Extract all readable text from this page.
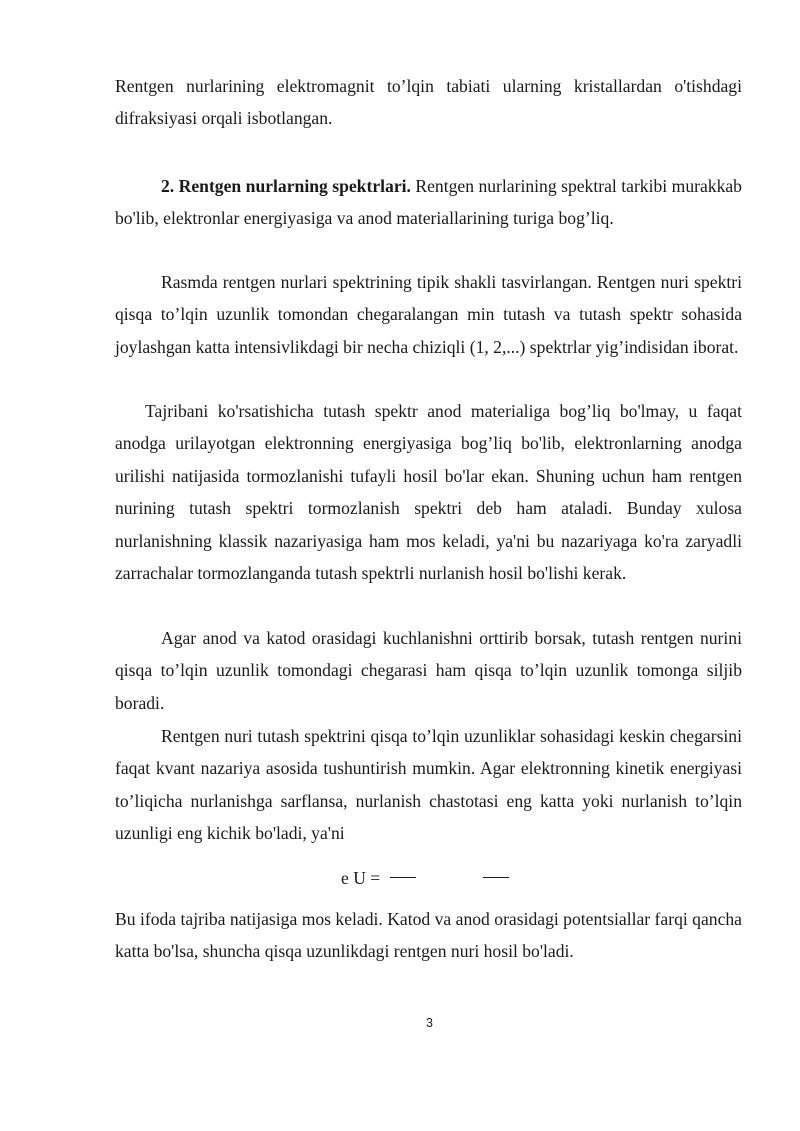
Rentgen nurlarining elektromagnit to’lqin tabiati ularning kristallardan o'tishdagi difraksiyasi orqali isbotlangan.

2. Rentgen nurlarning spektrlari. Rentgen nurlarining spektral tarkibi murakkab bo'lib, elektronlar energiyasiga va anod materiallarining turiga bog’liq.

Rasmda rentgen nurlari spektrining tipik shakli tasvirlangan. Rentgen nuri spektri qisqa to’lqin uzunlik tomondan chegaralangan min tutash va tutash spektr sohasida joylashgan katta intensivlikdagi bir necha chiziqli (1, 2,...) spektrlar yig’indisidan iborat.

Tajribani ko'rsatishicha tutash spektr anod materialiga bog’liq bo'lmay, u faqat anodga urilayotgan elektronning energiyasiga bog’liq bo'lib, elektronlarning anodga urilishi natijasida tormozlanishi tufayli hosil bo'lar ekan. Shuning uchun ham rentgen nurining tutash spektri tormozlanish spektri deb ham ataladi. Bunday xulosa nurlanishning klassik nazariyasiga ham mos keladi, ya'ni bu nazariyaga ko'ra zaryadli zarrachalar tormozlanganda tutash spektrli nurlanish hosil bo'lishi kerak.

Agar anod va katod orasidagi kuchlanishni orttirib borsak, tutash rentgen nurini qisqa to’lqin uzunlik tomondagi chegarasi ham qisqa to’lqin uzunlik tomonga siljib boradi.

Rentgen nuri tutash spektrini qisqa to’lqin uzunliklar sohasidagi keskin chegarsini faqat kvant nazariya asosida tushuntirish mumkin. Agar elektronning kinetik energiyasi to’liqicha nurlanishga sarflansa, nurlanish chastotasi eng katta yoki nurlanish to’lqin uzunligi eng kichik bo'ladi, ya'ni

e U =

Bu ifoda tajriba natijasiga mos keladi. Katod va anod orasidagi potentsiallar farqi qancha katta bo'lsa, shuncha qisqa uzunlikdagi rentgen nuri hosil bo'ladi.

3
